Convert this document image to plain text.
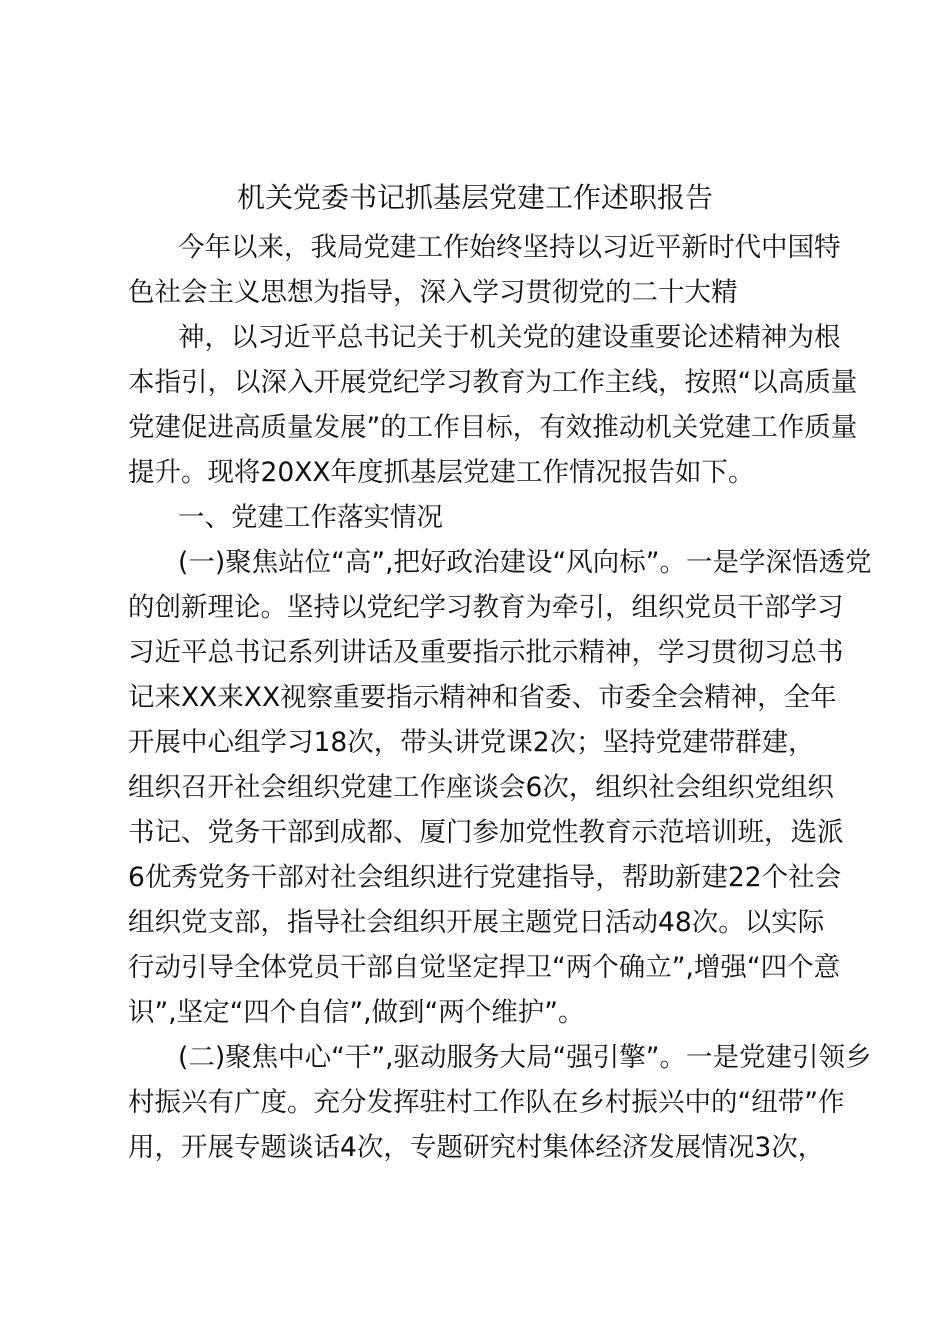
机关党委书记抓基层党建工作述职报告
今年以来，我局党建工作始终坚持以习近平新时代中国特
色社会主义思想为指导，深入学习贯彻党的二十大精
神，以习近平总书记关于机关党的建设重要论述精神为根
本指引，以深入开展党纪学习教育为工作主线，按照“以高质量
党建促进高质量发展”的工作目标，有效推动机关党建工作质量
提升。现将20XX年度抓基层党建工作情况报告如下。
一、党建工作落实情况
(一)聚焦站位“高”,把好政治建设“风向标”。一是学深悟透党
的创新理论。坚持以党纪学习教育为牵引，组织党员干部学习
习近平总书记系列讲话及重要指示批示精神，学习贯彻习总书
记来XX来XX视察重要指示精神和省委、市委全会精神，全年
开展中心组学习18次，带头讲党课2次；坚持党建带群建，
组织召开社会组织党建工作座谈会6次，组织社会组织党组织
书记、党务干部到成都、厦门参加党性教育示范培训班，选派
6优秀党务干部对社会组织进行党建指导，帮助新建22个社会
组织党支部，指导社会组织开展主题党日活动48次。以实际
行动引导全体党员干部自觉坚定捍卫“两个确立”,增强“四个意
识”,坚定“四个自信”,做到“两个维护”。
(二)聚焦中心“干”,驱动服务大局“强引擎”。一是党建引领乡
村振兴有广度。充分发挥驻村工作队在乡村振兴中的“纽带”作
用，开展专题谈话4次，专题研究村集体经济发展情况3次，
